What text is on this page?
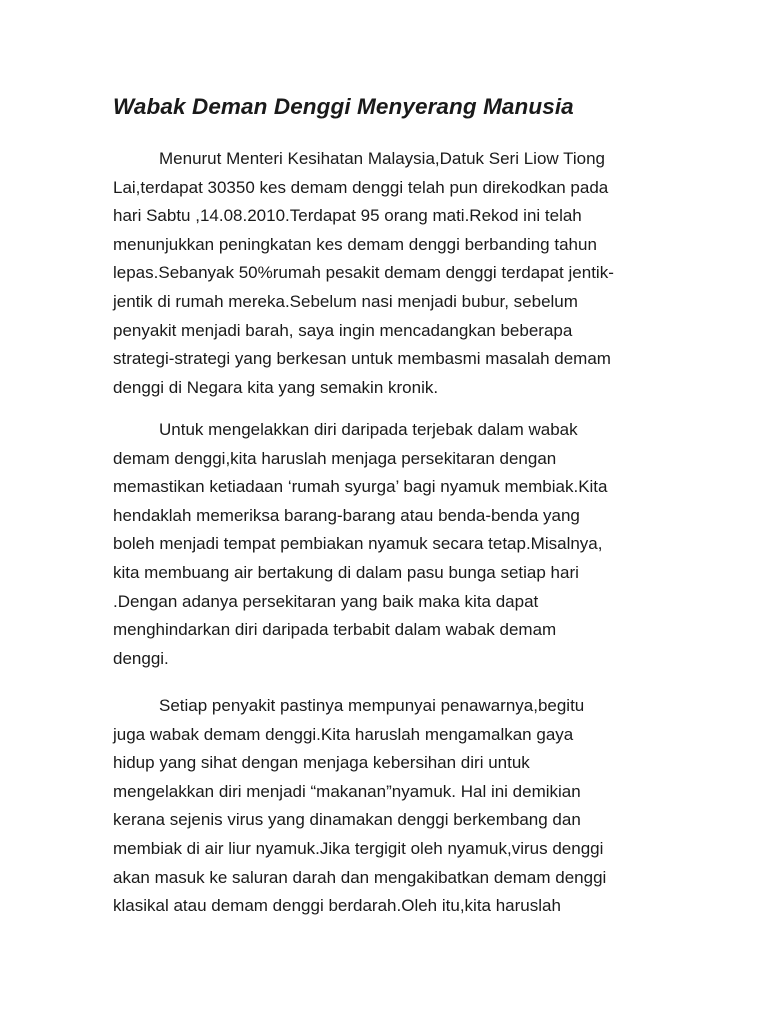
Wabak Deman Denggi Menyerang Manusia
Menurut Menteri Kesihatan Malaysia,Datuk Seri Liow Tiong
Lai,terdapat 30350 kes demam denggi telah pun direkodkan pada
hari Sabtu ,14.08.2010.Terdapat 95 orang mati.Rekod ini telah
menunjukkan peningkatan kes demam denggi berbanding tahun
lepas.Sebanyak 50%rumah pesakit demam denggi terdapat jentik-
jentik di rumah mereka.Sebelum nasi menjadi bubur, sebelum
penyakit menjadi barah, saya ingin mencadangkan beberapa
strategi-strategi yang berkesan untuk membasmi masalah demam
denggi di Negara kita yang semakin kronik.
Untuk mengelakkan diri daripada terjebak dalam wabak
demam denggi,kita haruslah menjaga persekitaran dengan
memastikan ketiadaan ‘rumah syurga’ bagi nyamuk membiak.Kita
hendaklah memeriksa barang-barang atau benda-benda yang
boleh menjadi tempat pembiakan nyamuk secara tetap.Misalnya,
kita membuang air bertakung di dalam pasu bunga setiap hari
.Dengan adanya persekitaran yang baik maka kita dapat
menghindarkan diri daripada terbabit dalam wabak demam
denggi.
Setiap penyakit pastinya mempunyai penawarnya,begitu
juga wabak demam denggi.Kita haruslah mengamalkan gaya
hidup yang sihat dengan menjaga kebersihan diri untuk
mengelakkan diri menjadi “makanan”nyamuk. Hal ini demikian
kerana sejenis virus yang dinamakan denggi berkembang dan
membiak di air liur nyamuk.Jika tergigit oleh nyamuk,virus denggi
akan masuk ke saluran darah dan mengakibatkan demam denggi
klasikal atau demam denggi berdarah.Oleh itu,kita haruslah
